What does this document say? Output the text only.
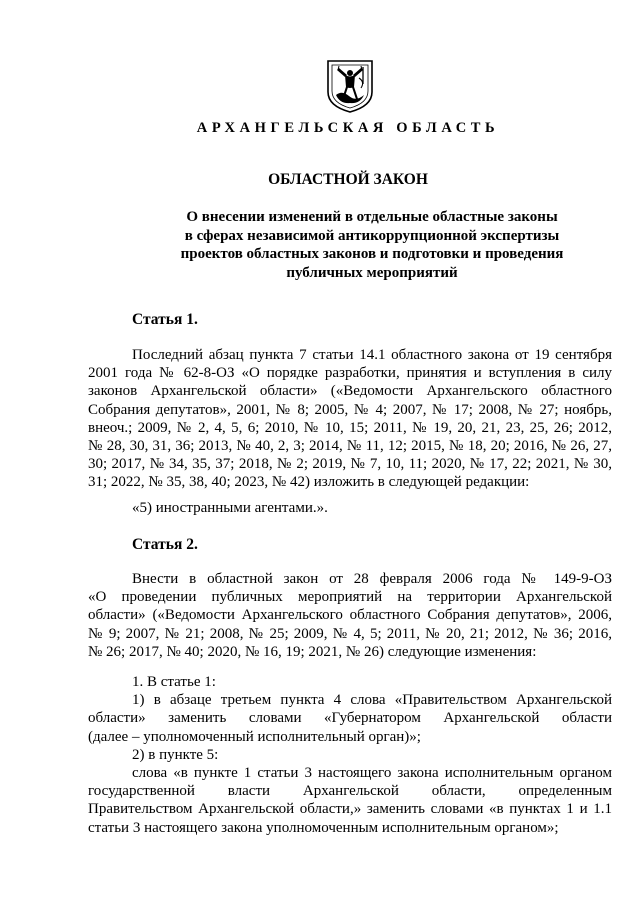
АРХАНГЕЛЬСКАЯ ОБЛАСТЬ
ОБЛАСТНОЙ ЗАКОН
О внесении изменений в отдельные областные законы
в сферах независимой антикоррупционной экспертизы
проектов областных законов и подготовки и проведения
публичных мероприятий
Статья 1.
Последний абзац пункта 7 статьи 14.1 областного закона от 19 сентября
2001 года № 62-8-ОЗ «О порядке разработки, принятия и вступления в силу
законов Архангельской области» («Ведомости Архангельского областного
Собрания депутатов», 2001, № 8; 2005, № 4; 2007, № 17; 2008, № 27; ноябрь,
внеоч.; 2009, № 2, 4, 5, 6; 2010, № 10, 15; 2011, № 19, 20, 21, 23, 25, 26; 2012,
№ 28, 30, 31, 36; 2013, № 40, 2, 3; 2014, № 11, 12; 2015, № 18, 20; 2016, № 26, 27,
30; 2017, № 34, 35, 37; 2018, № 2; 2019, № 7, 10, 11; 2020, № 17, 22; 2021, № 30,
31; 2022, № 35, 38, 40; 2023, № 42) изложить в следующей редакции:
«5) иностранными агентами.».
Статья 2.
Внести в областной закон от 28 февраля 2006 года № 149-9-ОЗ
«О проведении публичных мероприятий на территории Архангельской
области» («Ведомости Архангельского областного Собрания депутатов», 2006,
№ 9; 2007, № 21; 2008, № 25; 2009, № 4, 5; 2011, № 20, 21; 2012, № 36; 2016,
№ 26; 2017, № 40; 2020, № 16, 19; 2021, № 26) следующие изменения:
1. В статье 1:
1) в абзаце третьем пункта 4 слова «Правительством Архангельской
области» заменить словами «Губернатором Архангельской области
(далее – уполномоченный исполнительный орган)»;
2) в пункте 5:
слова «в пункте 1 статьи 3 настоящего закона исполнительным органом
государственной власти Архангельской области, определенным
Правительством Архангельской области,» заменить словами «в пунктах 1 и 1.1
статьи 3 настоящего закона уполномоченным исполнительным органом»;
